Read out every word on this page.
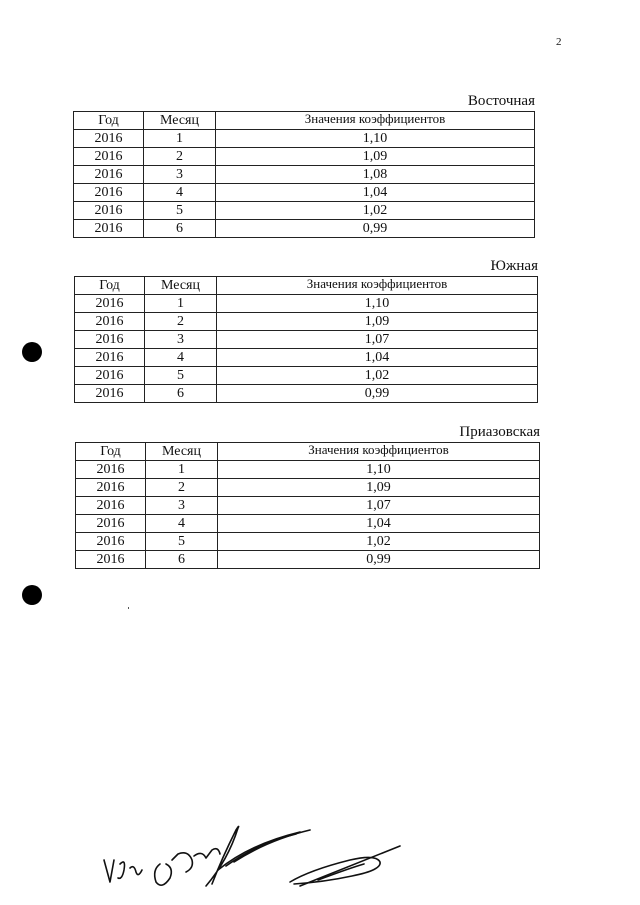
2
Восточная
Год	Месяц	Значения коэффициентов
2016	1	1,10
2016	2	1,09
2016	3	1,08
2016	4	1,04
2016	5	1,02
2016	6	0,99
Южная
Год	Месяц	Значения коэффициентов
2016	1	1,10
2016	2	1,09
2016	3	1,07
2016	4	1,04
2016	5	1,02
2016	6	0,99
Приазовская
Год	Месяц	Значения коэффициентов
2016	1	1,10
2016	2	1,09
2016	3	1,07
2016	4	1,04
2016	5	1,02
2016	6	0,99
